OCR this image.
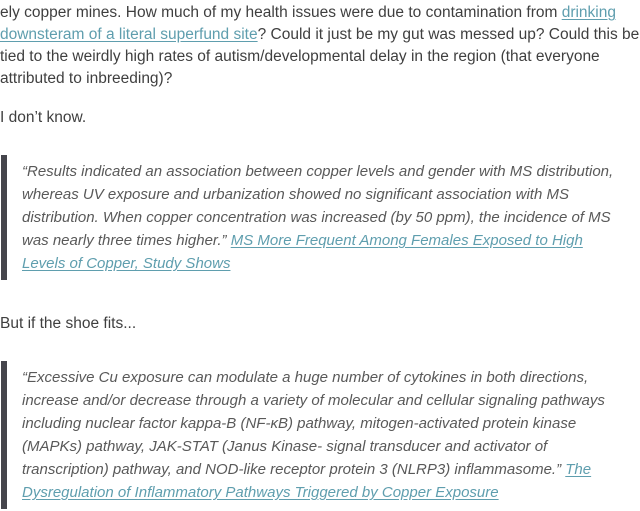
ely copper mines. How much of my health issues were due to contamination from drinking downsteram of a literal superfund site? Could it just be my gut was messed up? Could this be tied to the weirdly high rates of autism/developmental delay in the region (that everyone attributed to inbreeding)?

I don’t know.

“Results indicated an association between copper levels and gender with MS distribution, whereas UV exposure and urbanization showed no significant association with MS distribution. When copper concentration was increased (by 50 ppm), the incidence of MS was nearly three times higher.” MS More Frequent Among Females Exposed to High Levels of Copper, Study Shows

But if the shoe fits...

“Excessive Cu exposure can modulate a huge number of cytokines in both directions, increase and/or decrease through a variety of molecular and cellular signaling pathways including nuclear factor kappa-B (NF-κB) pathway, mitogen-activated protein kinase (MAPKs) pathway, JAK-STAT (Janus Kinase- signal transducer and activator of transcription) pathway, and NOD-like receptor protein 3 (NLRP3) inflammasome.” The Dysregulation of Inflammatory Pathways Triggered by Copper Exposure
